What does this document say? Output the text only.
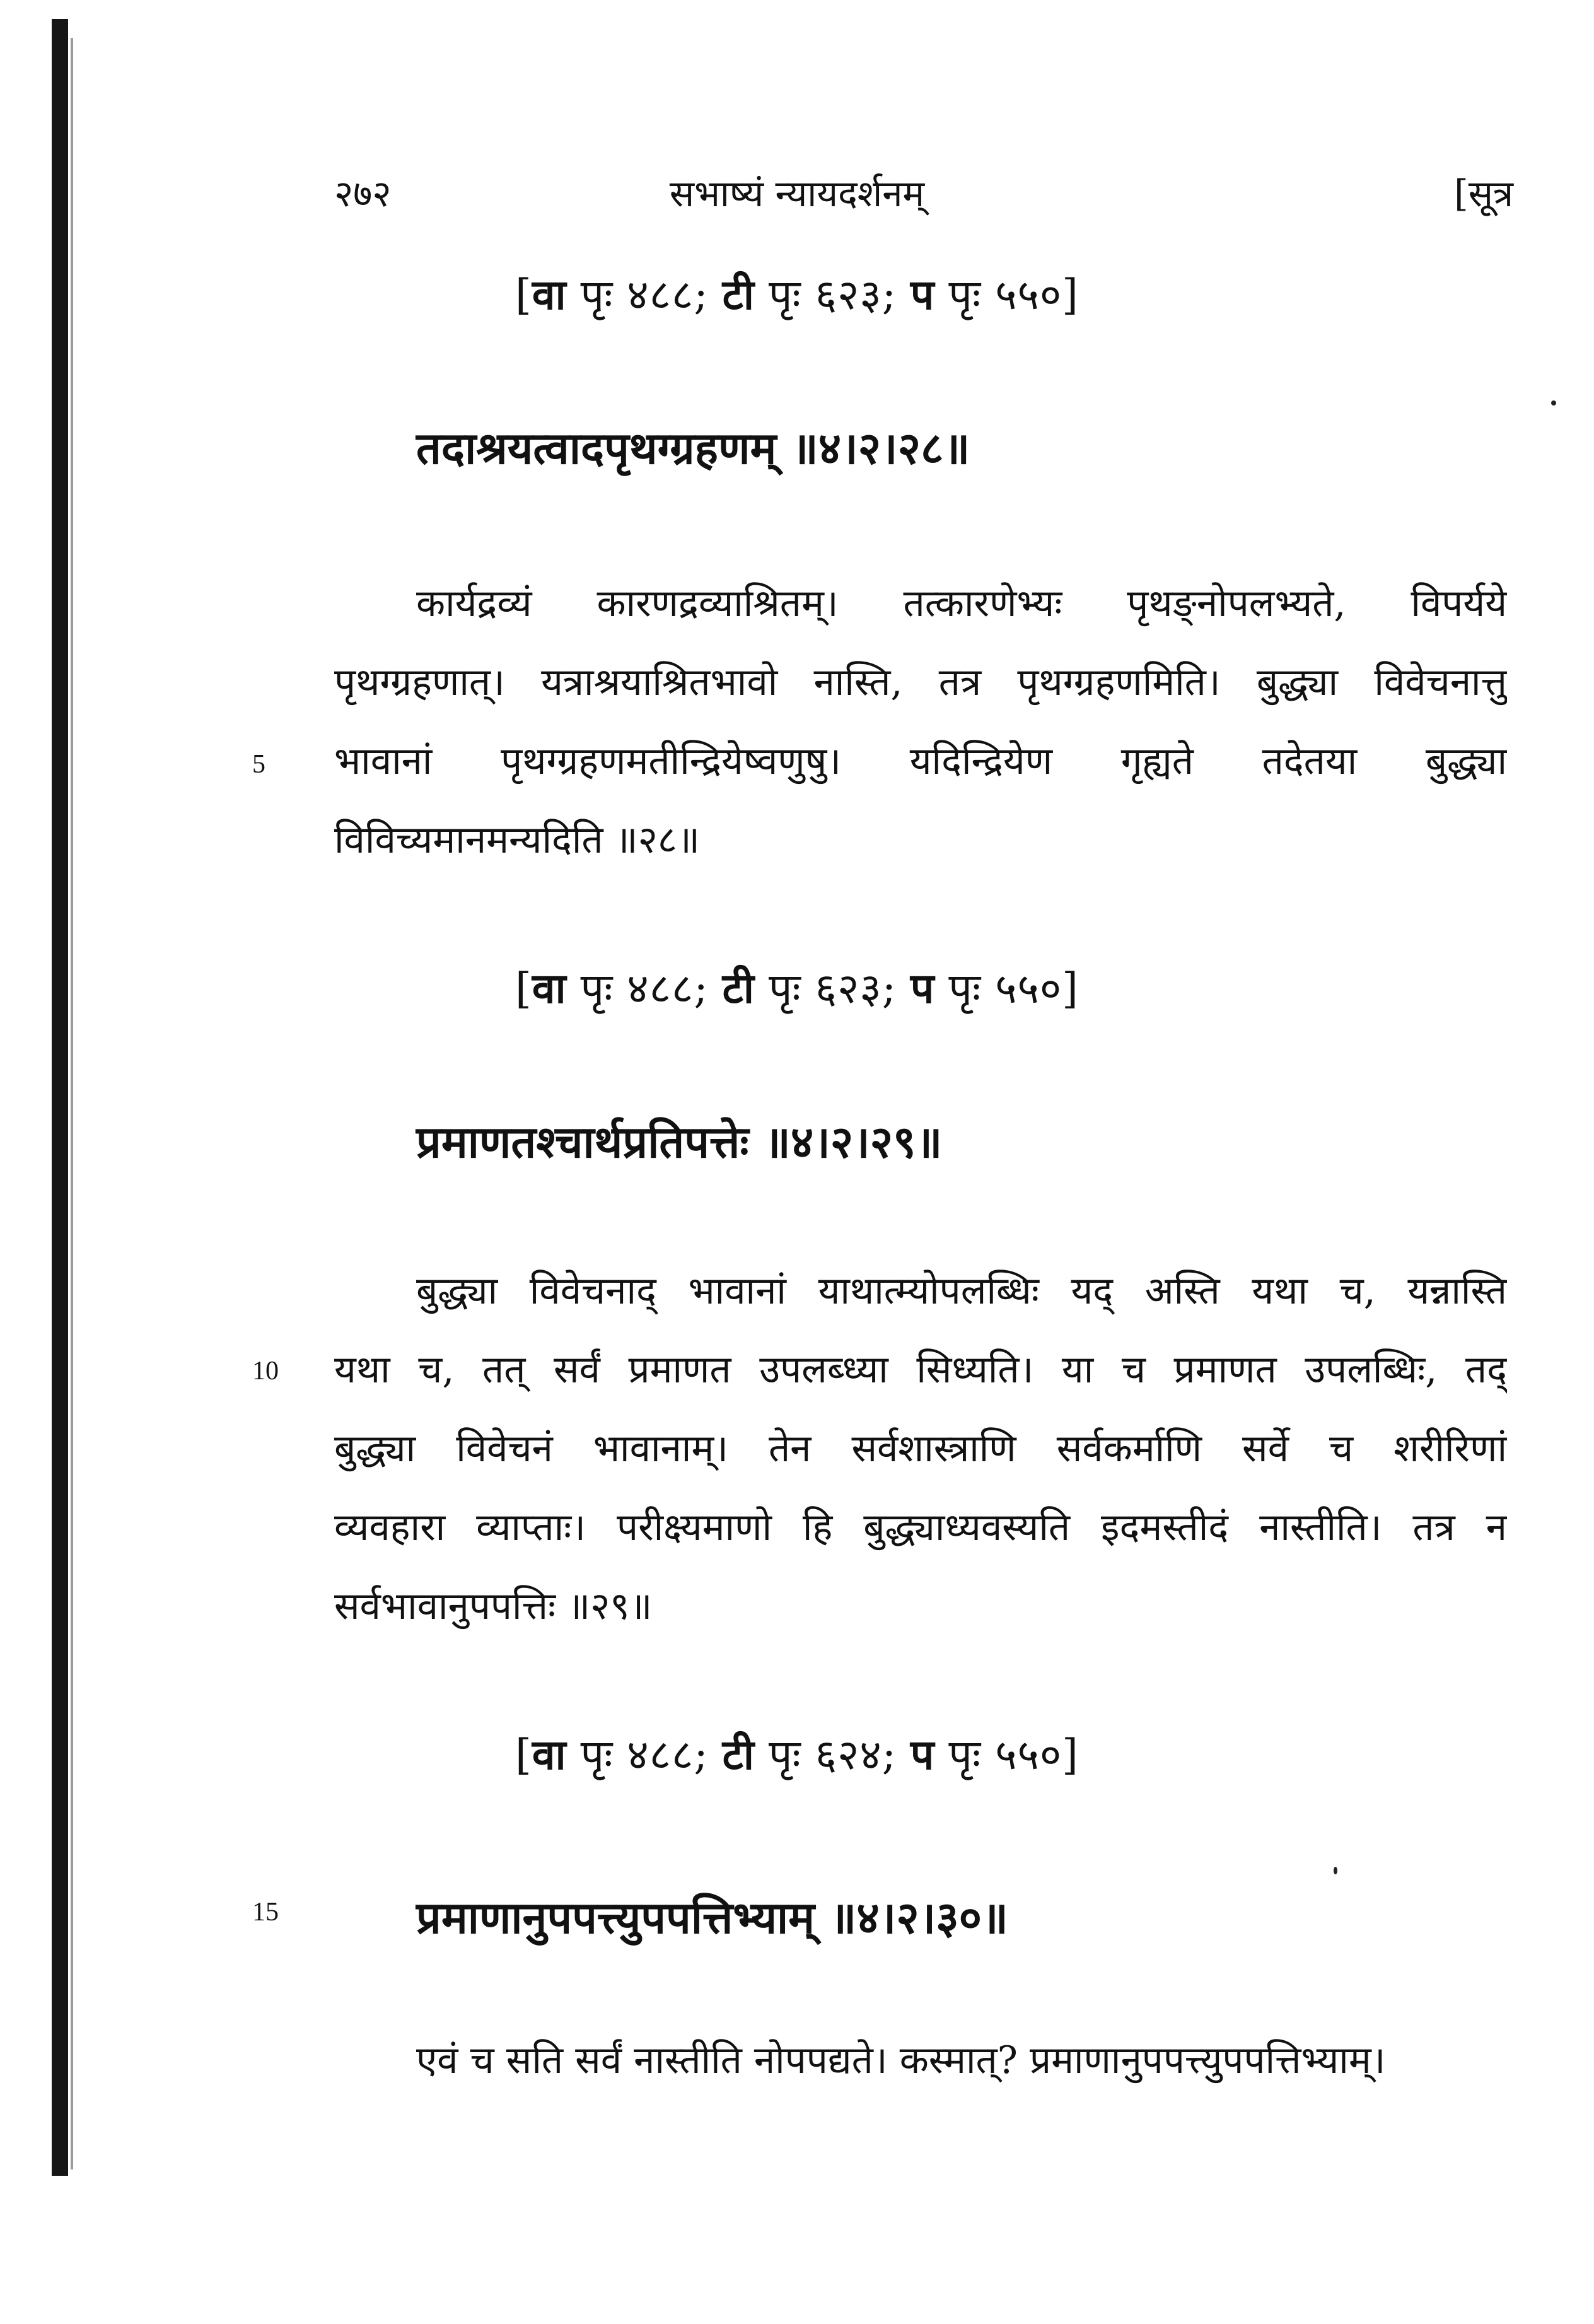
२७२	सभाष्यं न्यायदर्शनम्	[सूत्र
[वा पृः ४८८; टी पृः ६२३; प पृः ५५०]
तदाश्रयत्वादपृथग्ग्रहणम् ॥४।२।२८॥
कार्यद्रव्यं कारणद्रव्याश्रितम्। तत्कारणेभ्यः पृथङ्नोपलभ्यते, विपर्यये
पृथग्ग्रहणात्। यत्राश्रयाश्रितभावो नास्ति, तत्र पृथग्ग्रहणमिति। बुद्ध्या विवेचनात्तु
भावानां पृथग्ग्रहणमतीन्द्रियेष्वणुषु। यदिन्द्रियेण गृह्यते तदेतया बुद्ध्या
विविच्यमानमन्यदिति ॥२८॥
5
[वा पृः ४८८; टी पृः ६२३; प पृः ५५०]
प्रमाणतश्चार्थप्रतिपत्तेः ॥४।२।२९॥
बुद्ध्या विवेचनाद् भावानां याथात्म्योपलब्धिः यद् अस्ति यथा च, यन्नास्ति
यथा च, तत् सर्वं प्रमाणत उपलब्ध्या सिध्यति। या च प्रमाणत उपलब्धिः, तद्
बुद्ध्या विवेचनं भावानाम्। तेन सर्वशास्त्राणि सर्वकर्माणि सर्वे च शरीरिणां
व्यवहारा व्याप्ताः। परीक्ष्यमाणो हि बुद्ध्याध्यवस्यति इदमस्तीदं नास्तीति। तत्र न
सर्वभावानुपपत्तिः ॥२९॥
10
[वा पृः ४८८; टी पृः ६२४; प पृः ५५०]
प्रमाणानुपपत्त्युपपत्तिभ्याम् ॥४।२।३०॥
15
एवं च सति सर्वं नास्तीति नोपपद्यते। कस्मात्? प्रमाणानुपपत्त्युपपत्तिभ्याम्।
